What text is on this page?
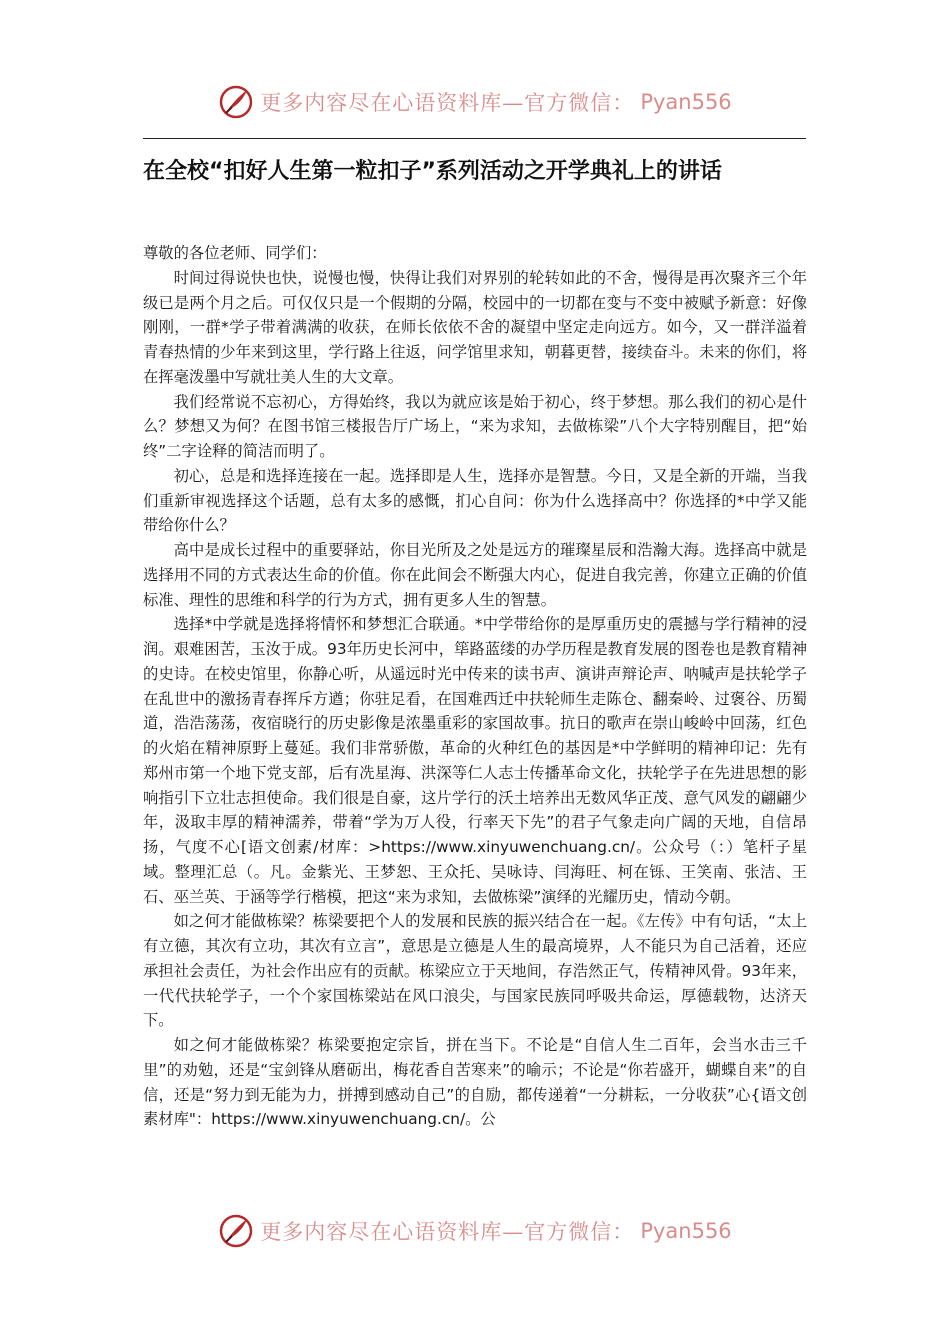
更多内容尽在心语资料库—官方微信： Pyan556
在全校“扣好人生第一粒扣子”系列活动之开学典礼上的讲话

尊敬的各位老师、同学们：

时间过得说快也快，说慢也慢，快得让我们对界别的轮转如此的不舍，慢得是再次聚齐三个年级已是两个月之后。可仅仅只是一个假期的分隔，校园中的一切都在变与不变中被赋予新意：好像刚刚，一群*学子带着满满的收获，在师长依依不舍的凝望中坚定走向远方。如今，又一群洋溢着青春热情的少年来到这里，学行路上往返，问学馆里求知，朝暮更替，接续奋斗。未来的你们，将在挥毫泼墨中写就壮美人生的大文章。

我们经常说不忘初心，方得始终，我以为就应该是始于初心，终于梦想。那么我们的初心是什么？梦想又为何？在图书馆三楼报告厅广场上，“来为求知，去做栋梁”八个大字特别醒目，把“始终”二字诠释的简洁而明了。

初心，总是和选择连接在一起。选择即是人生，选择亦是智慧。今日，又是全新的开端，当我们重新审视选择这个话题，总有太多的感慨，扪心自问：你为什么选择高中？你选择的*中学又能带给你什么？

高中是成长过程中的重要驿站，你目光所及之处是远方的璀璨星辰和浩瀚大海。选择高中就是选择用不同的方式表达生命的价值。你在此间会不断强大内心，促进自我完善，你建立正确的价值标准、理性的思维和科学的行为方式，拥有更多人生的智慧。

选择*中学就是选择将情怀和梦想汇合联通。*中学带给你的是厚重历史的震撼与学行精神的浸润。艰难困苦，玉汝于成。93年历史长河中，筚路蓝缕的办学历程是教育发展的图卷也是教育精神的史诗。在校史馆里，你静心听，从遥远时光中传来的读书声、演讲声辩论声、呐喊声是扶轮学子在乱世中的激扬青春挥斥方遒；你驻足看，在国难西迁中扶轮师生走陈仓、翻秦岭、过褒谷、历蜀道，浩浩荡荡，夜宿晓行的历史影像是浓墨重彩的家国故事。抗日的歌声在崇山峻岭中回荡，红色的火焰在精神原野上蔓延。我们非常骄傲，革命的火种红色的基因是*中学鲜明的精神印记：先有郑州市第一个地下党支部，后有冼星海、洪深等仁人志士传播革命文化，扶轮学子在先进思想的影响指引下立壮志担使命。我们很是自豪，这片学行的沃土培养出无数风华正茂、意气风发的翩翩少年，汲取丰厚的精神濡养，带着“学为万人役，行率天下先”的君子气象走向广阔的天地，自信昂扬，气度不心[语文创素/材库：>https://www.xinyuwenchuang.cn/。公众号（：）笔杆子星域。整理汇总（。凡。金紫光、王梦恕、王众托、吴咏诗、闫海旺、柯在铄、王笑南、张洁、王石、巫兰英、于涵等学行楷模，把这“来为求知，去做栋梁”演绎的光耀历史，情动今朝。

如之何才能做栋梁？栋梁要把个人的发展和民族的振兴结合在一起。《左传》中有句话，“太上有立德，其次有立功，其次有立言”，意思是立德是人生的最高境界，人不能只为自己活着，还应承担社会责任，为社会作出应有的贡献。栋梁应立于天地间，存浩然正气，传精神风骨。93年来，一代代扶轮学子，一个个家国栋梁站在风口浪尖，与国家民族同呼吸共命运，厚德载物，达济天下。

如之何才能做栋梁？栋梁要抱定宗旨，拼在当下。不论是“自信人生二百年，会当水击三千里”的劝勉，还是“宝剑锋从磨砺出，梅花香自苦寒来”的喻示；不论是“你若盛开，蝴蝶自来”的自信，还是“努力到无能为力，拼搏到感动自己”的自励，都传递着“一分耕耘，一分收获”心{语文创素材库"：https://www.xinyuwenchuang.cn/。公

更多内容尽在心语资料库—官方微信： Pyan556
